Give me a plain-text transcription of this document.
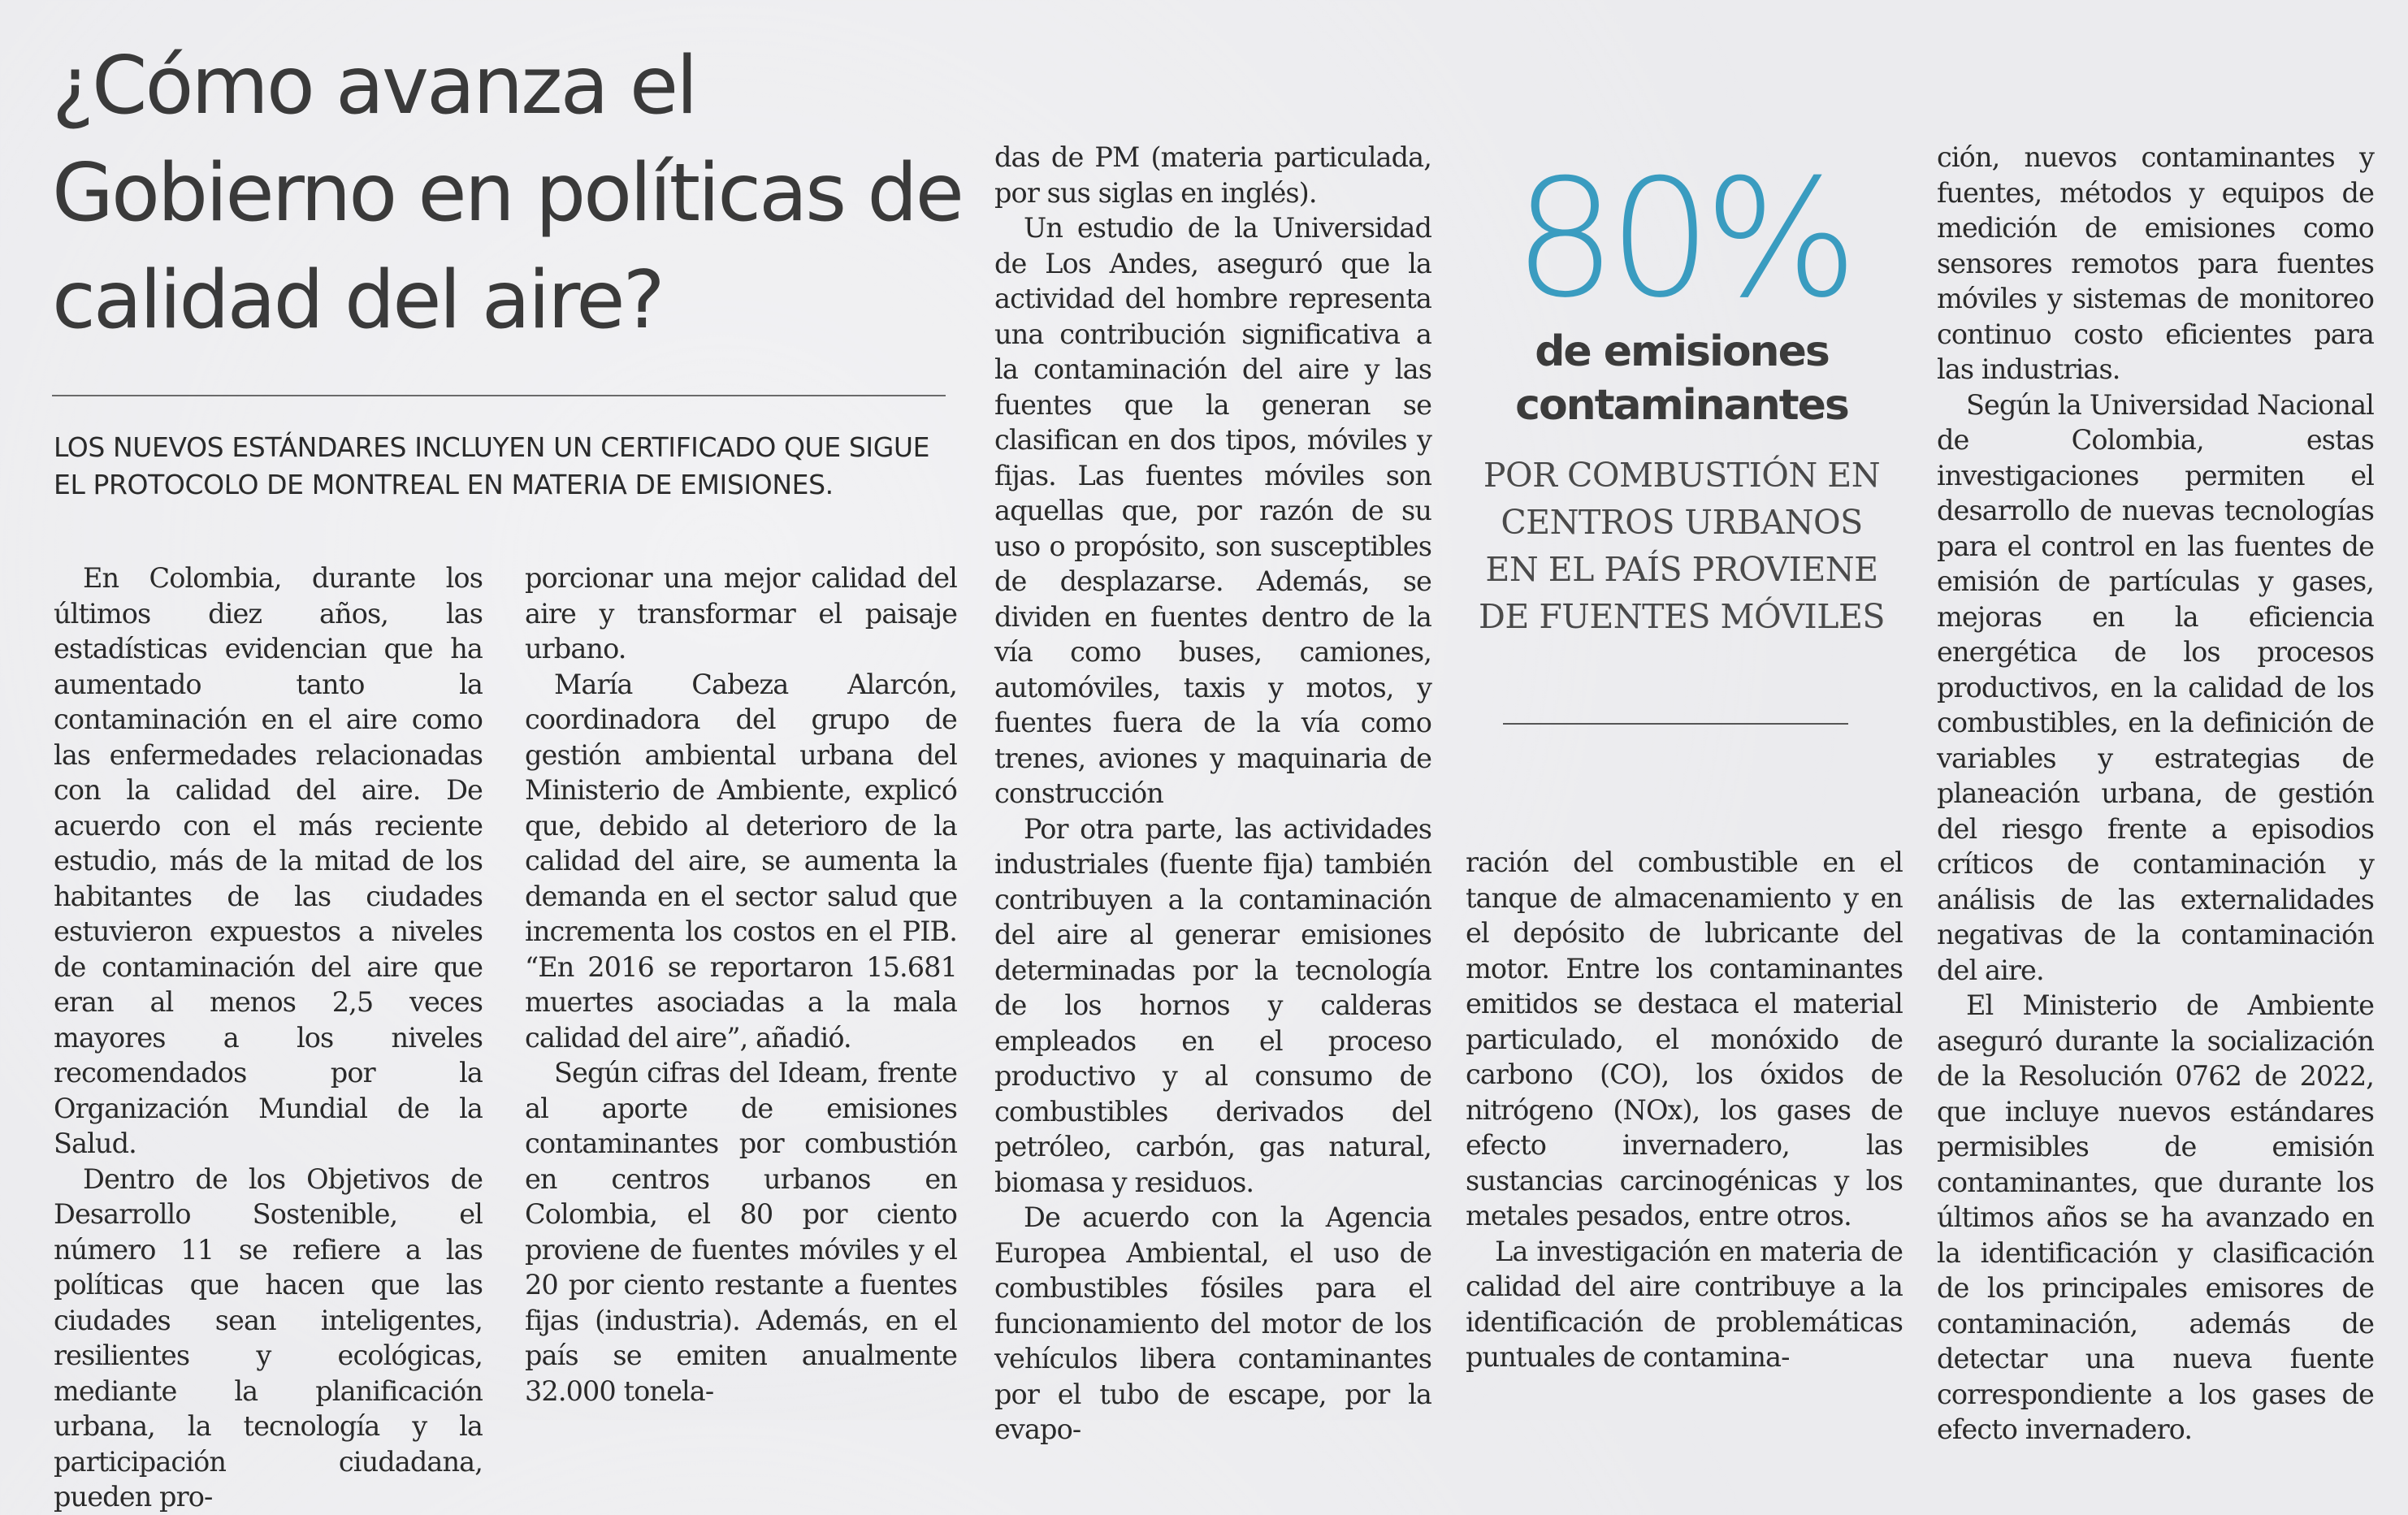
¿Cómo avanza el Gobierno en políticas de calidad del aire?

LOS NUEVOS ESTÁNDARES INCLUYEN UN CERTIFICADO QUE SIGUE EL PROTOCOLO DE MONTREAL EN MATERIA DE EMISIONES.

En Colombia, durante los últimos diez años, las estadísticas evidencian que ha aumentado tanto la contaminación en el aire como las enfermedades relacionadas con la calidad del aire. De acuerdo con el más reciente estudio, más de la mitad de los habitantes de las ciudades estuvieron expuestos a niveles de contaminación del aire que eran al menos 2,5 veces mayores a los niveles recomendados por la Organización Mundial de la Salud.

Dentro de los Objetivos de Desarrollo Sostenible, el número 11 se refiere a las políticas que hacen que las ciudades sean inteligentes, resilientes y ecológicas, mediante la planificación urbana, la tecnología y la participación ciudadana, pueden pro-

porcionar una mejor calidad del aire y transformar el paisaje urbano.

María Cabeza Alarcón, coordinadora del grupo de gestión ambiental urbana del Ministerio de Ambiente, explicó que, debido al deterioro de la calidad del aire, se aumenta la demanda en el sector salud que incrementa los costos en el PIB. “En 2016 se reportaron 15.681 muertes asociadas a la mala calidad del aire”, añadió.

Según cifras del Ideam, frente al aporte de emisiones contaminantes por combustión en centros urbanos en Colombia, el 80 por ciento proviene de fuentes móviles y el 20 por ciento restante a fuentes fijas (industria). Además, en el país se emiten anualmente 32.000 tonela-

das de PM (materia particulada, por sus siglas en inglés).

Un estudio de la Universidad de Los Andes, aseguró que la actividad del hombre representa una contribución significativa a la contaminación del aire y las fuentes que la generan se clasifican en dos tipos, móviles y fijas. Las fuentes móviles son aquellas que, por razón de su uso o propósito, son susceptibles de desplazarse. Además, se dividen en fuentes dentro de la vía como buses, camiones, automóviles, taxis y motos, y fuentes fuera de la vía como trenes, aviones y maquinaria de construcción

Por otra parte, las actividades industriales (fuente fija) también contribuyen a la contaminación del aire al generar emisiones determinadas por la tecnología de los hornos y calderas empleados en el proceso productivo y al consumo de combustibles derivados del petróleo, carbón, gas natural, biomasa y residuos.

De acuerdo con la Agencia Europea Ambiental, el uso de combustibles fósiles para el funcionamiento del motor de los vehículos libera contaminantes por el tubo de escape, por la evapo-

80%
de emisiones contaminantes
POR COMBUSTIÓN EN CENTROS URBANOS EN EL PAÍS PROVIENE DE FUENTES MÓVILES

ración del combustible en el tanque de almacenamiento y en el depósito de lubricante del motor. Entre los contaminantes emitidos se destaca el material particulado, el monóxido de carbono (CO), los óxidos de nitrógeno (NOx), los gases de efecto invernadero, las sustancias carcinogénicas y los metales pesados, entre otros.

La investigación en materia de calidad del aire contribuye a la identificación de problemáticas puntuales de contamina-

ción, nuevos contaminantes y fuentes, métodos y equipos de medición de emisiones como sensores remotos para fuentes móviles y sistemas de monitoreo continuo costo eficientes para las industrias.

Según la Universidad Nacional de Colombia, estas investigaciones permiten el desarrollo de nuevas tecnologías para el control en las fuentes de emisión de partículas y gases, mejoras en la eficiencia energética de los procesos productivos, en la calidad de los combustibles, en la definición de variables y estrategias de planeación urbana, de gestión del riesgo frente a episodios críticos de contaminación y análisis de las externalidades negativas de la contaminación del aire.

El Ministerio de Ambiente aseguró durante la socialización de la Resolución 0762 de 2022, que incluye nuevos estándares permisibles de emisión contaminantes, que durante los últimos años se ha avanzado en la identificación y clasificación de los principales emisores de contaminación, además de detectar una nueva fuente correspondiente a los gases de efecto invernadero.
